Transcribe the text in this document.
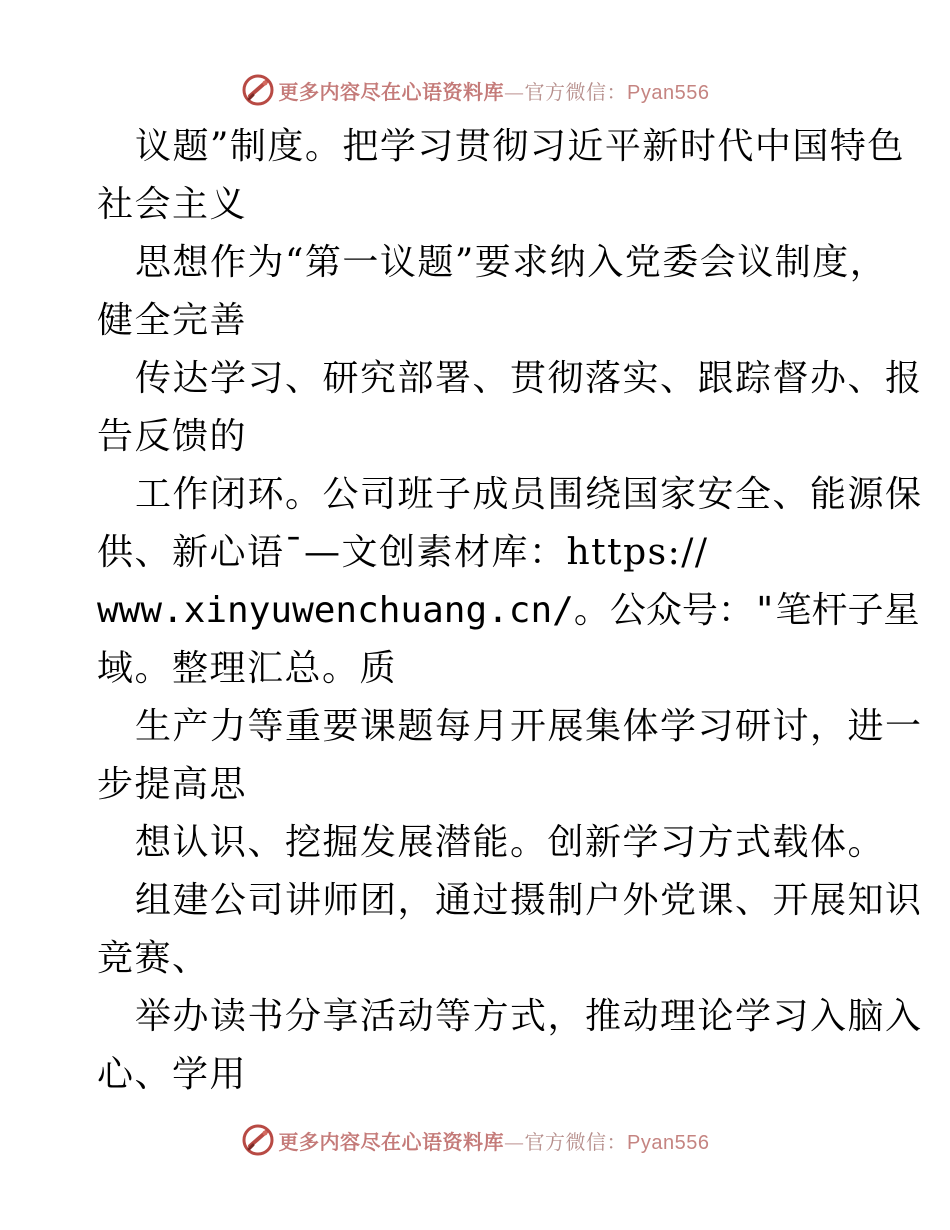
更多内容尽在心语资料库—官方微信：Pyan556
议题”制度。把学习贯彻习近平新时代中国特色
社会主义
思想作为“第一议题”要求纳入党委会议制度，
健全完善
传达学习、研究部署、贯彻落实、跟踪督办、报
告反馈的
工作闭环。公司班子成员围绕国家安全、能源保
供、新心语¯—文创素材库：https://
www.xinyuwenchuang.cn/。公众号："笔杆子星
域。整理汇总。质
生产力等重要课题每月开展集体学习研讨，进一
步提高思
想认识、挖掘发展潜能。创新学习方式载体。
组建公司讲师团，通过摄制户外党课、开展知识
竞赛、
举办读书分享活动等方式，推动理论学习入脑入
心、学用
更多内容尽在心语资料库—官方微信：Pyan556
